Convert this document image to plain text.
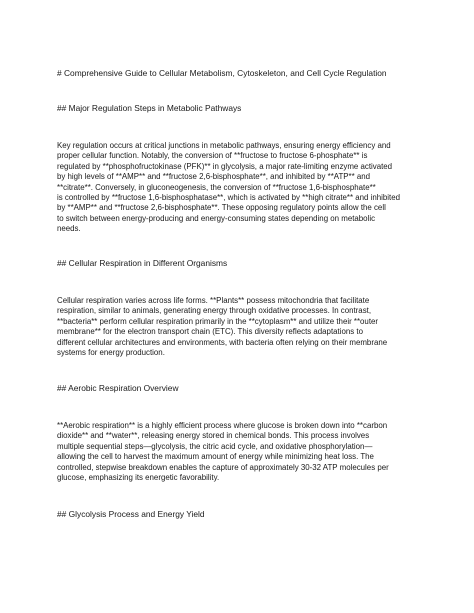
# Comprehensive Guide to Cellular Metabolism, Cytoskeleton, and Cell Cycle Regulation
## Major Regulation Steps in Metabolic Pathways
Key regulation occurs at critical junctions in metabolic pathways, ensuring energy efficiency and
proper cellular function. Notably, the conversion of **fructose to fructose 6-phosphate** is
regulated by **phosphofructokinase (PFK)** in glycolysis, a major rate-limiting enzyme activated
by high levels of **AMP** and **fructose 2,6-bisphosphate**, and inhibited by **ATP** and
**citrate**. Conversely, in gluconeogenesis, the conversion of **fructose 1,6-bisphosphate**
is controlled by **fructose 1,6-bisphosphatase**, which is activated by **high citrate** and inhibited
by **AMP** and **fructose 2,6-bisphosphate**. These opposing regulatory points allow the cell
to switch between energy-producing and energy-consuming states depending on metabolic
needs.
## Cellular Respiration in Different Organisms
Cellular respiration varies across life forms. **Plants** possess mitochondria that facilitate
respiration, similar to animals, generating energy through oxidative processes. In contrast,
**bacteria** perform cellular respiration primarily in the **cytoplasm** and utilize their **outer
membrane** for the electron transport chain (ETC). This diversity reflects adaptations to
different cellular architectures and environments, with bacteria often relying on their membrane
systems for energy production.
## Aerobic Respiration Overview
**Aerobic respiration** is a highly efficient process where glucose is broken down into **carbon
dioxide** and **water**, releasing energy stored in chemical bonds. This process involves
multiple sequential steps—glycolysis, the citric acid cycle, and oxidative phosphorylation—
allowing the cell to harvest the maximum amount of energy while minimizing heat loss. The
controlled, stepwise breakdown enables the capture of approximately 30-32 ATP molecules per
glucose, emphasizing its energetic favorability.
## Glycolysis Process and Energy Yield
